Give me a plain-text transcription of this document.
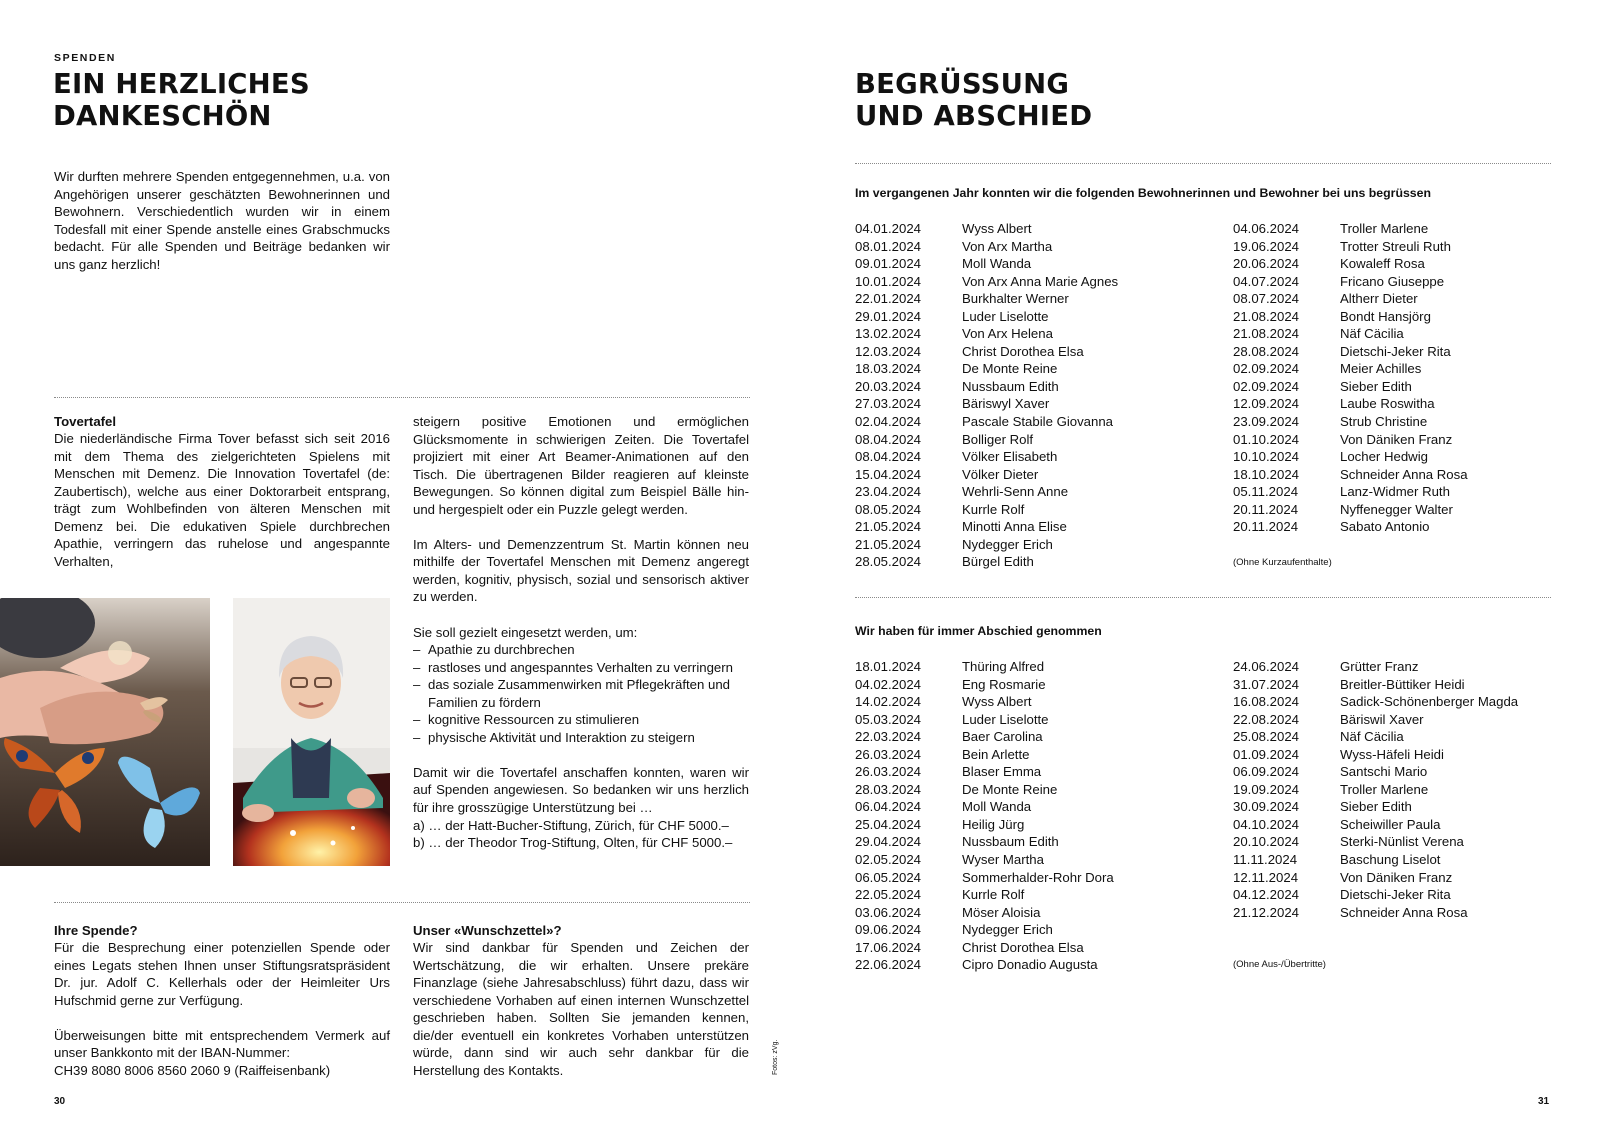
SPENDEN
EIN HERZLICHES
DANKESCHÖN
Wir durften mehrere Spenden entgegennehmen, u.a. von Angehörigen unserer geschätzten Bewohnerinnen und Bewohnern. Verschiedentlich wurden wir in einem Todesfall mit einer Spende anstelle eines Grabschmucks bedacht. Für alle Spenden und Beiträge bedanken wir uns ganz herzlich!
Tovertafel
Die niederländische Firma Tover befasst sich seit 2016 mit dem Thema des zielgerichteten Spielens mit Menschen mit Demenz. Die Innovation Tovertafel (de: Zaubertisch), welche aus einer Doktorarbeit entsprang, trägt zum Wohlbefinden von älteren Menschen mit Demenz bei. Die edukativen Spiele durchbrechen Apathie, verringern das ruhelose und angespannte Verhalten,
steigern positive Emotionen und ermöglichen Glücksmomente in schwierigen Zeiten. Die Tovertafel projiziert mit einer Art Beamer-Animationen auf den Tisch. Die übertragenen Bilder reagieren auf kleinste Bewegungen. So können digital zum Beispiel Bälle hin- und hergespielt oder ein Puzzle gelegt werden.
Im Alters- und Demenzzentrum St. Martin können neu mithilfe der Tovertafel Menschen mit Demenz angeregt werden, kognitiv, physisch, sozial und sensorisch aktiver zu werden.
Sie soll gezielt eingesetzt werden, um:
– Apathie zu durchbrechen
– rastloses und angespanntes Verhalten zu verringern
– das soziale Zusammenwirken mit Pflegekräften und Familien zu fördern
– kognitive Ressourcen zu stimulieren
– physische Aktivität und Interaktion zu steigern
Damit wir die Tovertafel anschaffen konnten, waren wir auf Spenden angewiesen. So bedanken wir uns herzlich für ihre grosszügige Unterstützung bei …
a) … der Hatt-Bucher-Stiftung, Zürich, für CHF 5000.–
b) … der Theodor Trog-Stiftung, Olten, für CHF 5000.–
Ihre Spende?
Für die Besprechung einer potenziellen Spende oder eines Legats stehen Ihnen unser Stiftungsratspräsident Dr. jur. Adolf C. Kellerhals oder der Heimleiter Urs Hufschmid gerne zur Verfügung.
Überweisungen bitte mit entsprechendem Vermerk auf unser Bankkonto mit der IBAN-Nummer:
CH39 8080 8006 8560 2060 9 (Raiffeisenbank)
Unser «Wunschzettel»?
Wir sind dankbar für Spenden und Zeichen der Wertschätzung, die wir erhalten. Unsere prekäre Finanzlage (siehe Jahresabschluss) führt dazu, dass wir verschiedene Vorhaben auf einen internen Wunschzettel geschrieben haben. Sollten Sie jemanden kennen, die/der eventuell ein konkretes Vorhaben unterstützen würde, dann sind wir auch sehr dankbar für die Herstellung des Kontakts.	Fotos: zVg.
30
BEGRÜSSUNG
UND ABSCHIED
Im vergangenen Jahr konnten wir die folgenden Bewohnerinnen und Bewohner bei uns begrüssen
04.01.2024	Wyss Albert
08.01.2024	Von Arx Martha
09.01.2024	Moll Wanda
10.01.2024	Von Arx Anna Marie Agnes
22.01.2024	Burkhalter Werner
29.01.2024	Luder Liselotte
13.02.2024	Von Arx Helena
12.03.2024	Christ Dorothea Elsa
18.03.2024	De Monte Reine
20.03.2024	Nussbaum Edith
27.03.2024	Bäriswyl Xaver
02.04.2024	Pascale Stabile Giovanna
08.04.2024	Bolliger Rolf
08.04.2024	Völker Elisabeth
15.04.2024	Völker Dieter
23.04.2024	Wehrli-Senn Anne
08.05.2024	Kurrle Rolf
21.05.2024	Minotti Anna Elise
21.05.2024	Nydegger Erich
28.05.2024	Bürgel Edith
04.06.2024	Troller Marlene
19.06.2024	Trotter Streuli Ruth
20.06.2024	Kowaleff Rosa
04.07.2024	Fricano Giuseppe
08.07.2024	Altherr Dieter
21.08.2024	Bondt Hansjörg
21.08.2024	Näf Cäcilia
28.08.2024	Dietschi-Jeker Rita
02.09.2024	Meier Achilles
02.09.2024	Sieber Edith
12.09.2024	Laube Roswitha
23.09.2024	Strub Christine
01.10.2024	Von Däniken Franz
10.10.2024	Locher Hedwig
18.10.2024	Schneider Anna Rosa
05.11.2024	Lanz-Widmer Ruth
20.11.2024	Nyffenegger Walter
20.11.2024	Sabato Antonio
(Ohne Kurzaufenthalte)
Wir haben für immer Abschied genommen
18.01.2024	Thüring Alfred
04.02.2024	Eng Rosmarie
14.02.2024	Wyss Albert
05.03.2024	Luder Liselotte
22.03.2024	Baer Carolina
26.03.2024	Bein Arlette
26.03.2024	Blaser Emma
28.03.2024	De Monte Reine
06.04.2024	Moll Wanda
25.04.2024	Heilig Jürg
29.04.2024	Nussbaum Edith
02.05.2024	Wyser Martha
06.05.2024	Sommerhalder-Rohr Dora
22.05.2024	Kurrle Rolf
03.06.2024	Möser Aloisia
09.06.2024	Nydegger Erich
17.06.2024	Christ Dorothea Elsa
22.06.2024	Cipro Donadio Augusta
24.06.2024	Grütter Franz
31.07.2024	Breitler-Büttiker Heidi
16.08.2024	Sadick-Schönenberger Magda
22.08.2024	Bäriswil Xaver
25.08.2024	Näf Cäcilia
01.09.2024	Wyss-Häfeli Heidi
06.09.2024	Santschi Mario
19.09.2024	Troller Marlene
30.09.2024	Sieber Edith
04.10.2024	Scheiwiller Paula
20.10.2024	Sterki-Nünlist Verena
11.11.2024	Baschung Liselot
12.11.2024	Von Däniken Franz
04.12.2024	Dietschi-Jeker Rita
21.12.2024	Schneider Anna Rosa
(Ohne Aus-/Übertritte)
31
